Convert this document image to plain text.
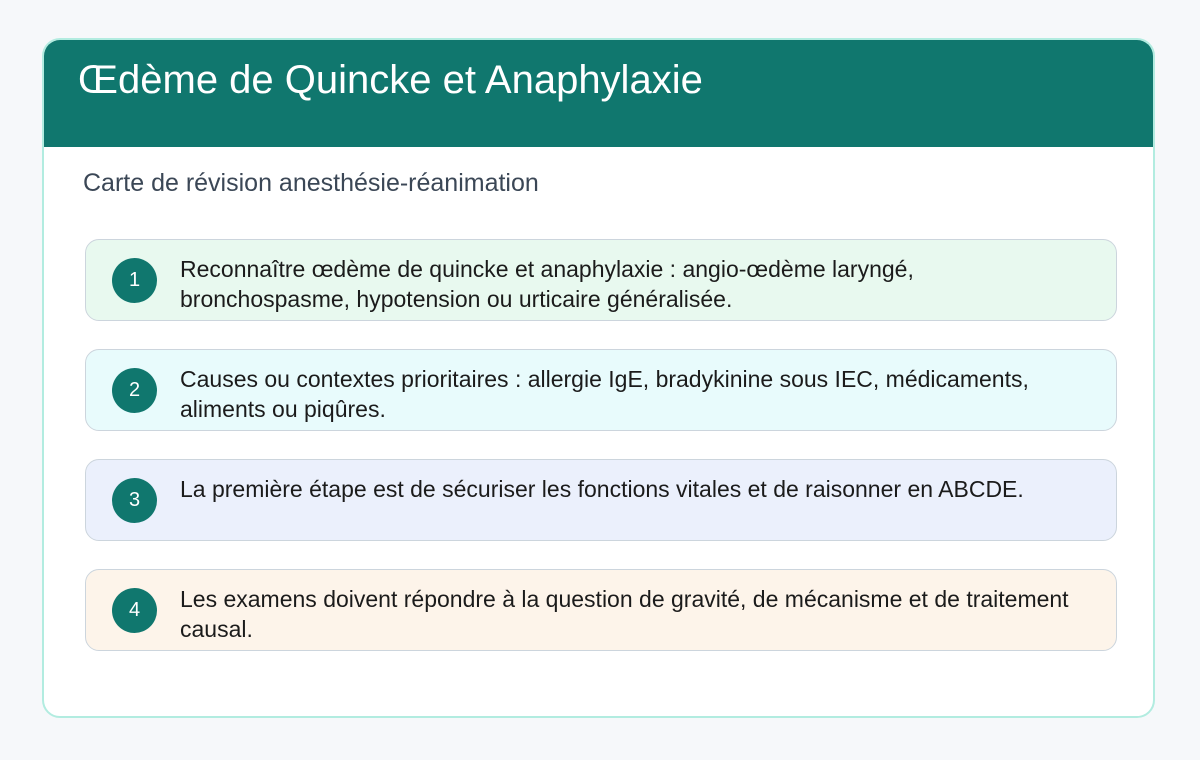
Œdème de Quincke et Anaphylaxie
Carte de révision anesthésie-réanimation
1	Reconnaître œdème de quincke et anaphylaxie : angio-œdème laryngé, bronchospasme, hypotension ou urticaire généralisée.
2	Causes ou contextes prioritaires : allergie IgE, bradykinine sous IEC, médicaments, aliments ou piqûres.
3	La première étape est de sécuriser les fonctions vitales et de raisonner en ABCDE.
4	Les examens doivent répondre à la question de gravité, de mécanisme et de traitement causal.
